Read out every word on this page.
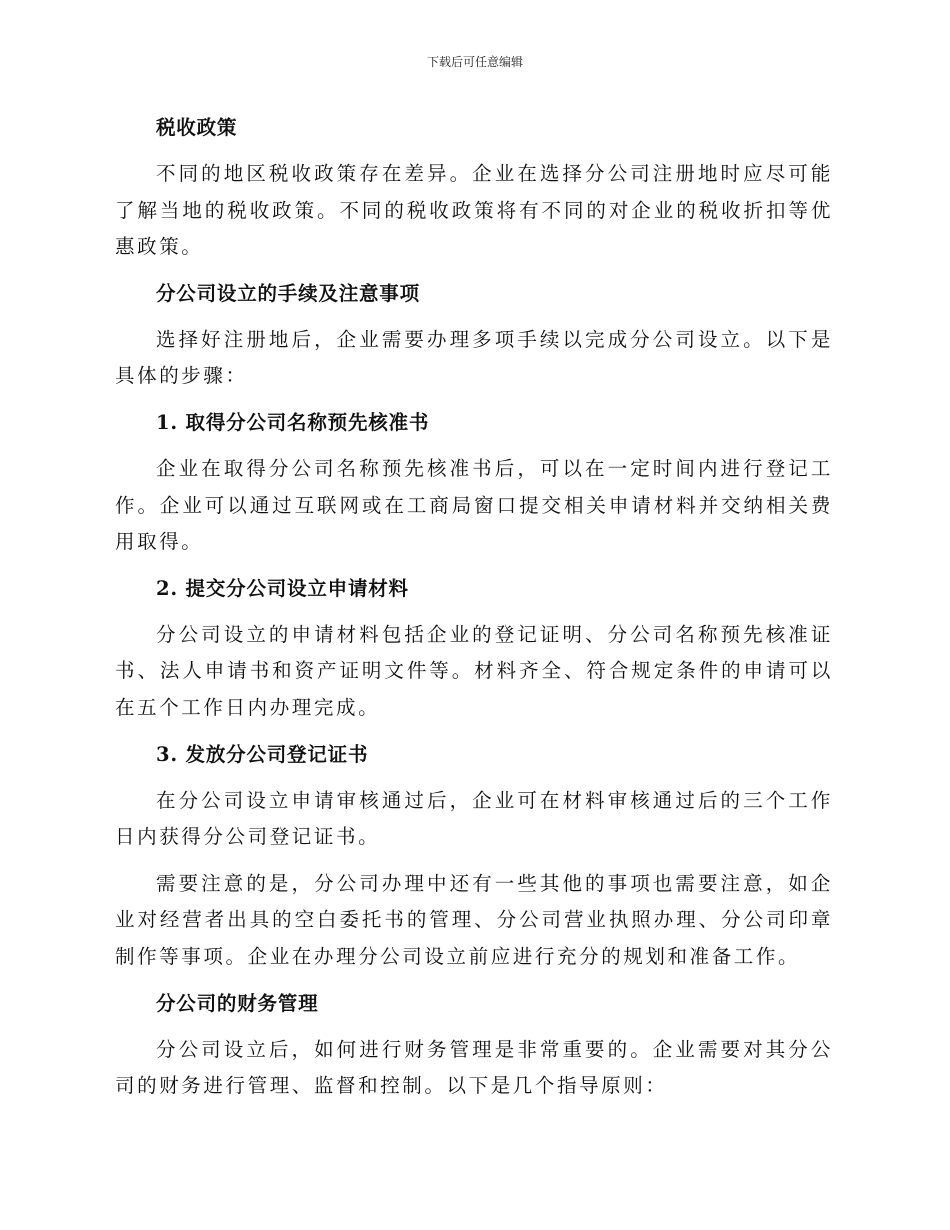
下载后可任意编辑
税收政策

不同的地区税收政策存在差异。企业在选择分公司注册地时应尽可能了解当地的税收政策。不同的税收政策将有不同的对企业的税收折扣等优惠政策。

分公司设立的手续及注意事项

选择好注册地后，企业需要办理多项手续以完成分公司设立。以下是具体的步骤：

1. 取得分公司名称预先核准书

企业在取得分公司名称预先核准书后，可以在一定时间内进行登记工作。企业可以通过互联网或在工商局窗口提交相关申请材料并交纳相关费用取得。

2. 提交分公司设立申请材料

分公司设立的申请材料包括企业的登记证明、分公司名称预先核准证书、法人申请书和资产证明文件等。材料齐全、符合规定条件的申请可以在五个工作日内办理完成。

3. 发放分公司登记证书

在分公司设立申请审核通过后，企业可在材料审核通过后的三个工作日内获得分公司登记证书。

需要注意的是，分公司办理中还有一些其他的事项也需要注意，如企业对经营者出具的空白委托书的管理、分公司营业执照办理、分公司印章制作等事项。企业在办理分公司设立前应进行充分的规划和准备工作。

分公司的财务管理

分公司设立后，如何进行财务管理是非常重要的。企业需要对其分公司的财务进行管理、监督和控制。以下是几个指导原则：
